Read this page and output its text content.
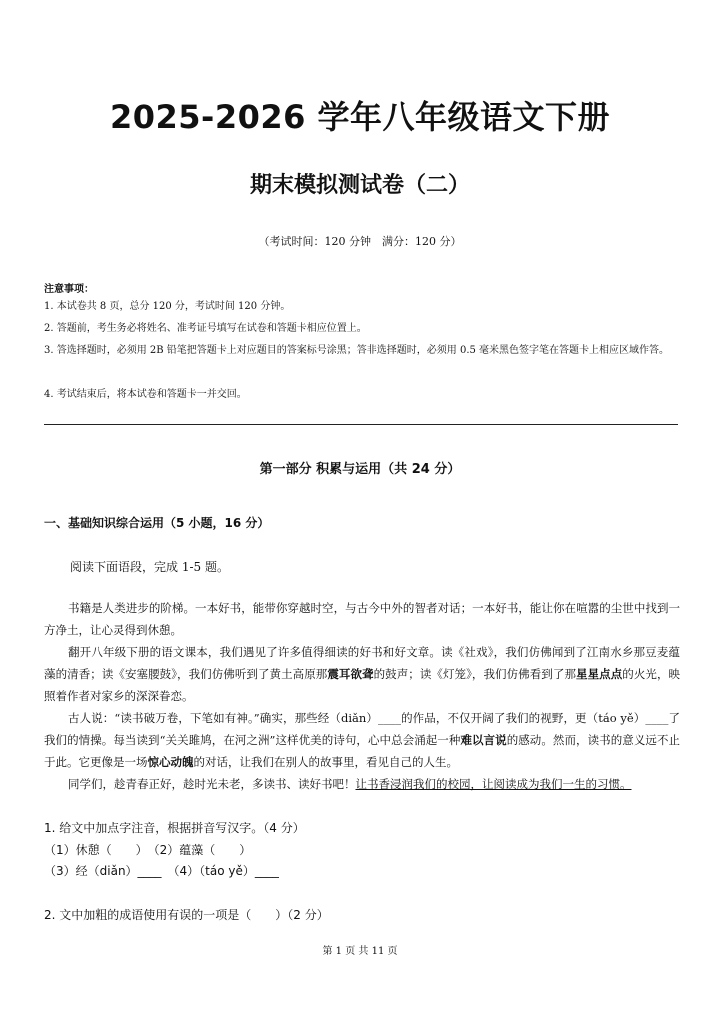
2025-2026 学年八年级语文下册
期末模拟测试卷（二）
（考试时间：120 分钟　满分：120 分）
注意事项：
1. 本试卷共 8 页，总分 120 分，考试时间 120 分钟。
2. 答题前，考生务必将姓名、准考证号填写在试卷和答题卡相应位置上。
3. 答选择题时，必须用 2B 铅笔把答题卡上对应题目的答案标号涂黑；答非选择题时，必须用 0.5 毫米黑色签字笔在答题卡上相应区域作答。
4. 考试结束后，将本试卷和答题卡一并交回。
第一部分 积累与运用（共 24 分）
一、基础知识综合运用（5 小题，16 分）
阅读下面语段，完成 1-5 题。
书籍是人类进步的阶梯。一本好书，能带你穿越时空，与古今中外的智者对话；一本好书，能让你在喧嚣的尘世中找到一方净土，让心灵得到休憩。
翻开八年级下册的语文课本，我们遇见了许多值得细读的好书和好文章。读《社戏》，我们仿佛闻到了江南水乡那豆麦蕴藻的清香；读《安塞腰鼓》，我们仿佛听到了黄土高原那震耳欲聋的鼓声；读《灯笼》，我们仿佛看到了那星星点点的火光，映照着作者对家乡的深深眷恋。
古人说：“读书破万卷，下笔如有神。”确实，那些经（diǎn）____的作品，不仅开阔了我们的视野，更（táo yě）____了我们的情操。每当读到“关关雎鸠，在河之洲”这样优美的诗句，心中总会涌起一种难以言说的感动。然而，读书的意义远不止于此。它更像是一场惊心动魄的对话，让我们在别人的故事里，看见自己的人生。
同学们，趁青春正好，趁时光未老，多读书、读好书吧！让书香浸润我们的校园，让阅读成为我们一生的习惯。
1. 给文中加点字注音，根据拼音写汉字。（4 分）
（1）休憩（　　）　（2）蕴藻（　　）
（3）经（diǎn）____　（4）（táo yě）____
2. 文中加粗的成语使用有误的一项是（　　）（2 分）
第 1 页 共 11 页
